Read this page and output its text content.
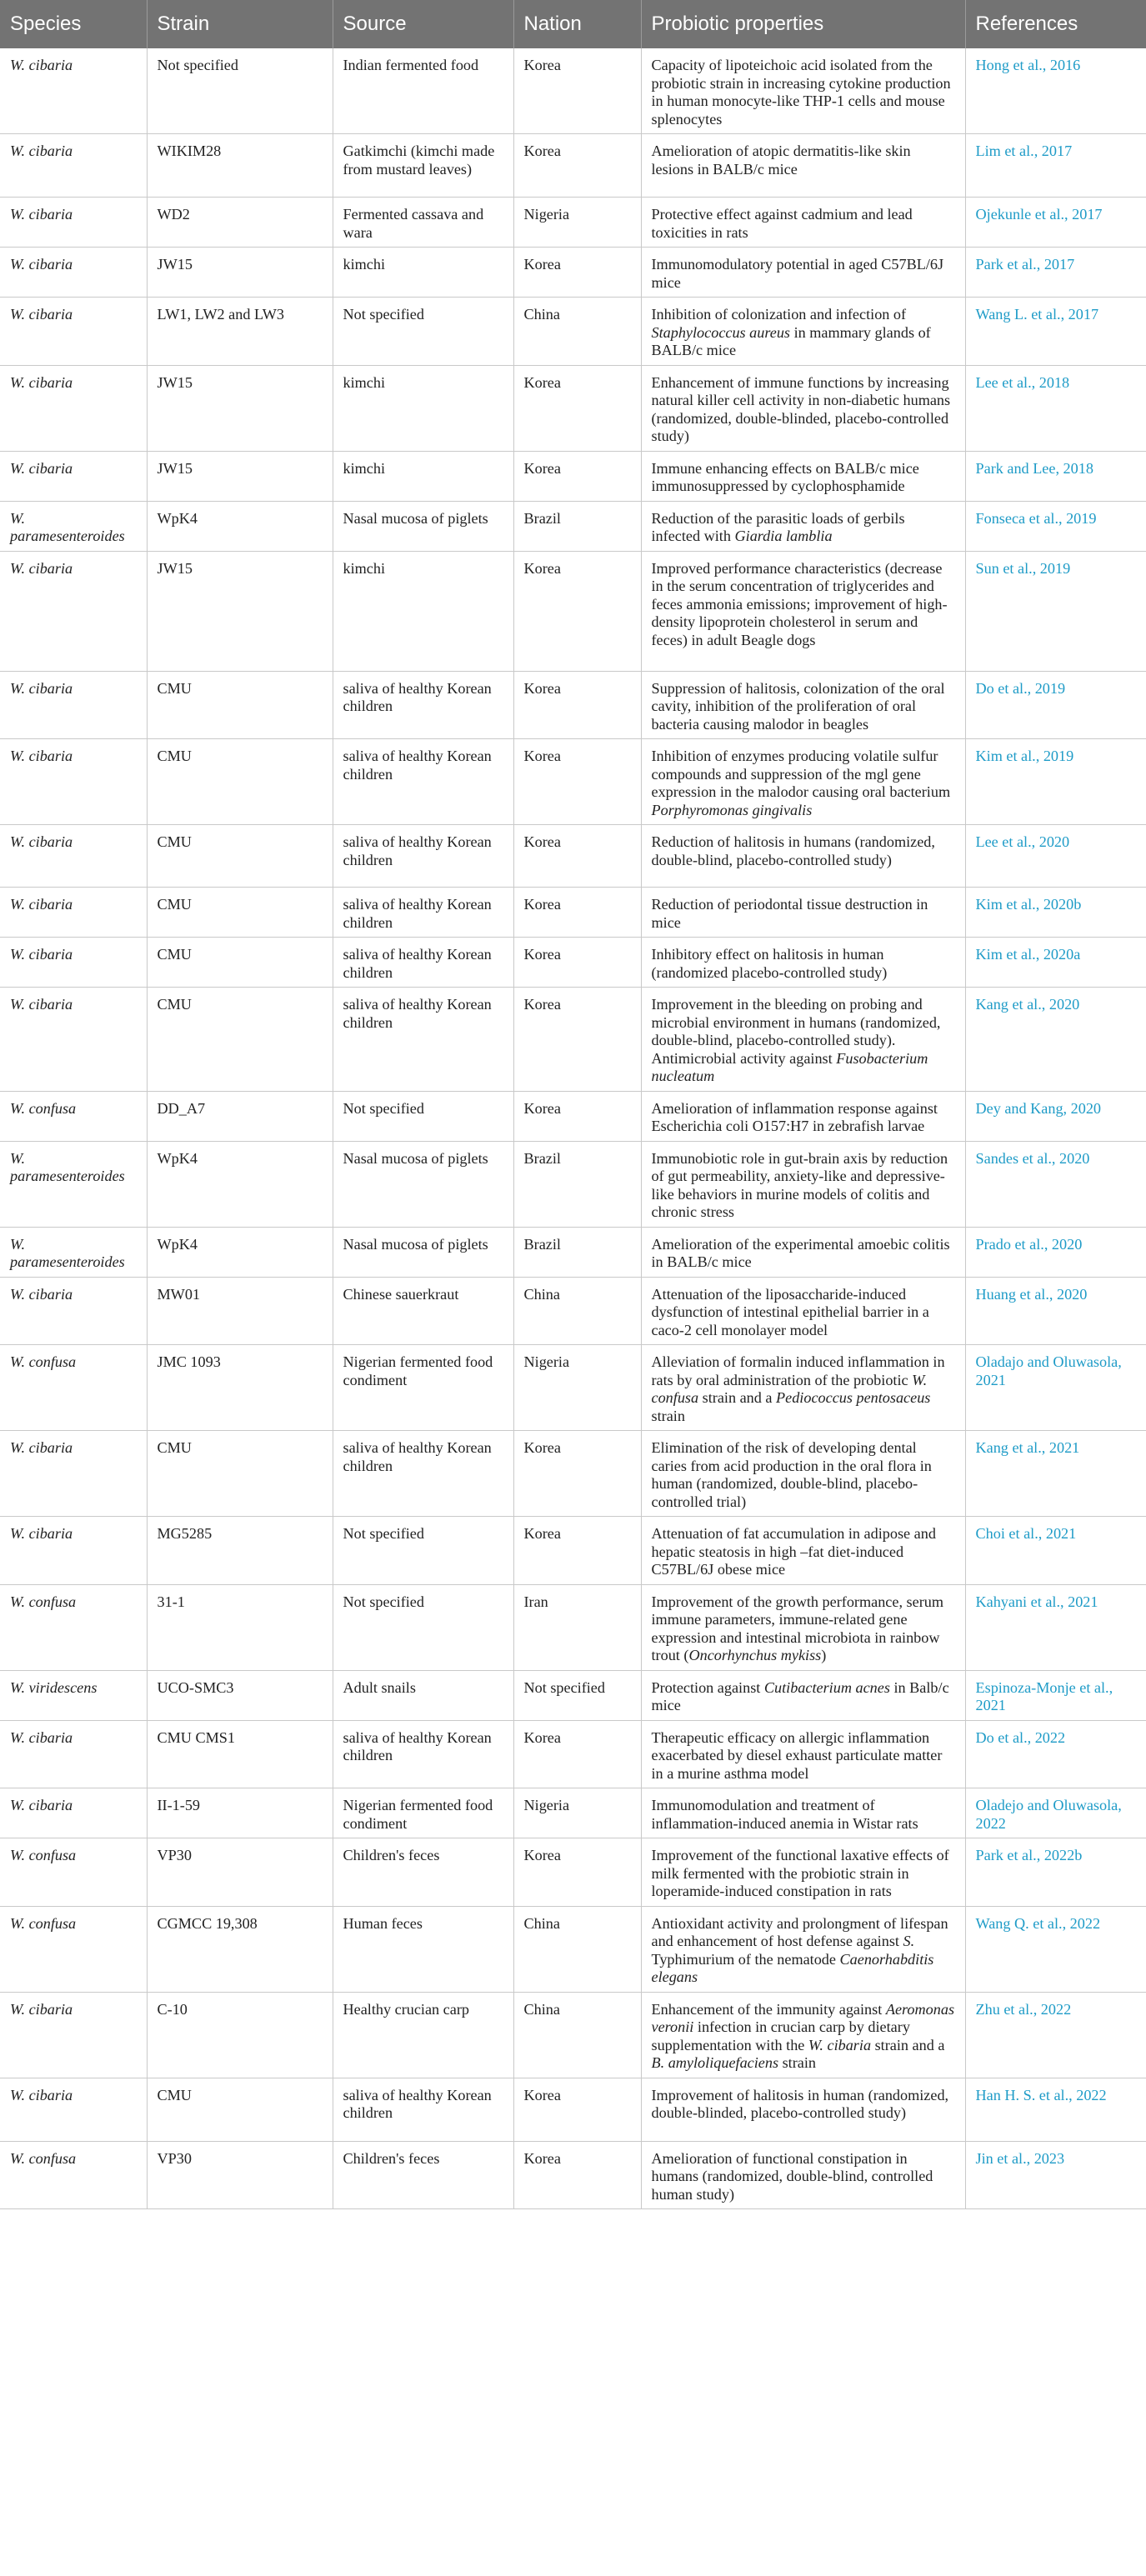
Species	Strain	Source	Nation	Probiotic properties	References
W. cibaria	Not specified	Indian fermented food	Korea	Capacity of lipoteichoic acid isolated from the probiotic strain in increasing cytokine production in human monocyte-like THP-1 cells and mouse splenocytes	Hong et al., 2016
W. cibaria	WIKIM28	Gatkimchi (kimchi made from mustard leaves)	Korea	Amelioration of atopic dermatitis-like skin lesions in BALB/c mice	Lim et al., 2017
W. cibaria	WD2	Fermented cassava and wara	Nigeria	Protective effect against cadmium and lead toxicities in rats	Ojekunle et al., 2017
W. cibaria	JW15	kimchi	Korea	Immunomodulatory potential in aged C57BL/6J mice	Park et al., 2017
W. cibaria	LW1, LW2 and LW3	Not specified	China	Inhibition of colonization and infection of Staphylococcus aureus in mammary glands of BALB/c mice	Wang L. et al., 2017
W. cibaria	JW15	kimchi	Korea	Enhancement of immune functions by increasing natural killer cell activity in non-diabetic humans (randomized, double-blinded, placebo-controlled study)	Lee et al., 2018
W. cibaria	JW15	kimchi	Korea	Immune enhancing effects on BALB/c mice immunosuppressed by cyclophosphamide	Park and Lee, 2018
W. paramesenteroides	WpK4	Nasal mucosa of piglets	Brazil	Reduction of the parasitic loads of gerbils infected with Giardia lamblia	Fonseca et al., 2019
W. cibaria	JW15	kimchi	Korea	Improved performance characteristics (decrease in the serum concentration of triglycerides and feces ammonia emissions; improvement of high-density lipoprotein cholesterol in serum and feces) in adult Beagle dogs	Sun et al., 2019
W. cibaria	CMU	saliva of healthy Korean children	Korea	Suppression of halitosis, colonization of the oral cavity, inhibition of the proliferation of oral bacteria causing malodor in beagles	Do et al., 2019
W. cibaria	CMU	saliva of healthy Korean children	Korea	Inhibition of enzymes producing volatile sulfur compounds and suppression of the mgl gene expression in the malodor causing oral bacterium Porphyromonas gingivalis	Kim et al., 2019
W. cibaria	CMU	saliva of healthy Korean children	Korea	Reduction of halitosis in humans (randomized, double-blind, placebo-controlled study)	Lee et al., 2020
W. cibaria	CMU	saliva of healthy Korean children	Korea	Reduction of periodontal tissue destruction in mice	Kim et al., 2020b
W. cibaria	CMU	saliva of healthy Korean children	Korea	Inhibitory effect on halitosis in human (randomized placebo-controlled study)	Kim et al., 2020a
W. cibaria	CMU	saliva of healthy Korean children	Korea	Improvement in the bleeding on probing and microbial environment in humans (randomized, double-blind, placebo-controlled study). Antimicrobial activity against Fusobacterium nucleatum	Kang et al., 2020
W. confusa	DD_A7	Not specified	Korea	Amelioration of inflammation response against Escherichia coli O157:H7 in zebrafish larvae	Dey and Kang, 2020
W. paramesenteroides	WpK4	Nasal mucosa of piglets	Brazil	Immunobiotic role in gut-brain axis by reduction of gut permeability, anxiety-like and depressive-like behaviors in murine models of colitis and chronic stress	Sandes et al., 2020
W. paramesenteroides	WpK4	Nasal mucosa of piglets	Brazil	Amelioration of the experimental amoebic colitis in BALB/c mice	Prado et al., 2020
W. cibaria	MW01	Chinese sauerkraut	China	Attenuation of the liposaccharide-induced dysfunction of intestinal epithelial barrier in a caco-2 cell monolayer model	Huang et al., 2020
W. confusa	JMC 1093	Nigerian fermented food condiment	Nigeria	Alleviation of formalin induced inflammation in rats by oral administration of the probiotic W. confusa strain and a Pediococcus pentosaceus strain	Oladajo and Oluwasola, 2021
W. cibaria	CMU	saliva of healthy Korean children	Korea	Elimination of the risk of developing dental caries from acid production in the oral flora in human (randomized, double-blind, placebo-controlled trial)	Kang et al., 2021
W. cibaria	MG5285	Not specified	Korea	Attenuation of fat accumulation in adipose and hepatic steatosis in high –fat diet-induced C57BL/6J obese mice	Choi et al., 2021
W. confusa	31-1	Not specified	Iran	Improvement of the growth performance, serum immune parameters, immune-related gene expression and intestinal microbiota in rainbow trout (Oncorhynchus mykiss)	Kahyani et al., 2021
W. viridescens	UCO-SMC3	Adult snails	Not specified	Protection against Cutibacterium acnes in Balb/c mice	Espinoza-Monje et al., 2021
W. cibaria	CMU CMS1	saliva of healthy Korean children	Korea	Therapeutic efficacy on allergic inflammation exacerbated by diesel exhaust particulate matter in a murine asthma model	Do et al., 2022
W. cibaria	II-1-59	Nigerian fermented food condiment	Nigeria	Immunomodulation and treatment of inflammation-induced anemia in Wistar rats	Oladejo and Oluwasola, 2022
W. confusa	VP30	Children's feces	Korea	Improvement of the functional laxative effects of milk fermented with the probiotic strain in loperamide-induced constipation in rats	Park et al., 2022b
W. confusa	CGMCC 19,308	Human feces	China	Antioxidant activity and prolongment of lifespan and enhancement of host defense against S. Typhimurium of the nematode Caenorhabditis elegans	Wang Q. et al., 2022
W. cibaria	C-10	Healthy crucian carp	China	Enhancement of the immunity against Aeromonas veronii infection in crucian carp by dietary supplementation with the W. cibaria strain and a B. amyloliquefaciens strain	Zhu et al., 2022
W. cibaria	CMU	saliva of healthy Korean children	Korea	Improvement of halitosis in human (randomized, double-blinded, placebo-controlled study)	Han H. S. et al., 2022
W. confusa	VP30	Children's feces	Korea	Amelioration of functional constipation in humans (randomized, double-blind, controlled human study)	Jin et al., 2023
